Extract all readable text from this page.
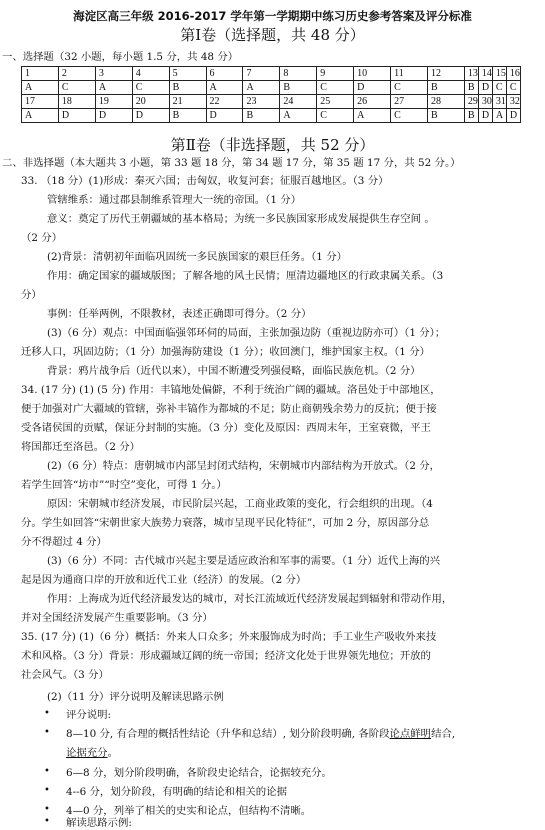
海淀区高三年级 2016-2017 学年第一学期期中练习历史参考答案及评分标准
第Ⅰ卷（选择题，共 48 分）
一、选择题（32 小题，每小题 1.5 分，共 48 分）
1	2	3	4	5	6	7	8	9	10	11	12	13	14	15	16
A	C	A	C	B	A	A	B	C	D	C	B	B	D	C	C
17	18	19	20	21	22	23	24	25	26	27	28	29	30	31	32
A	D	D	D	B	D	B	A	C	A	C	B	B	D	A	D
第Ⅱ卷（非选择题，共 52 分）
二、非选择题（本大题共 3 小题，第 33 题 18 分，第 34 题 17 分，第 35 题 17 分，共 52 分。）
33. （18 分）(1)形成：秦灭六国；击匈奴，收复河套；征服百越地区。（3 分）
管辖维系：通过郡县制维系管理大一统的帝国。（1 分）
意义：奠定了历代王朝疆域的基本格局；为统一多民族国家形成发展提供生存空间 。
（2 分）
(2)背景：清朝初年面临巩固统一多民族国家的艰巨任务。（1 分）
作用：确定国家的疆域版图；了解各地的风土民情；厘清边疆地区的行政隶属关系。（3
分）
事例：任举两例，不限教材，表述正确即可得分。（2 分）
(3)（6 分）观点：中国面临强邻环伺的局面，主张加强边防（重视边防亦可）（1 分）；
迁移人口，巩固边防；（1 分）加强海防建设（1 分）；收回澳门，维护国家主权。（1 分）
背景：鸦片战争后（近代以来），中国不断遭受列强侵略，面临民族危机。（2 分）
34. (17 分) (1) (5 分) 作用：丰镐地处偏僻，不利于统治广阔的疆域。洛邑处于中部地区，
便于加强对广大疆域的管辖，弥补丰镐作为都城的不足；防止商朝残余势力的反抗；便于接
受各诸侯国的贡赋，保证分封制的实施。（3 分）变化及原因：西周末年，王室衰微，平王
将国都迁至洛邑。（2 分）
(2)（6 分）特点：唐朝城市内部呈封闭式结构，宋朝城市内部结构为开放式。（2 分，
若学生回答“坊市”“时空”变化，可得 1 分。）
原因：宋朝城市经济发展，市民阶层兴起，工商业政策的变化，行会组织的出现。（4
分。学生如回答“宋朝世家大族势力衰落，城市呈现平民化特征”，可加 2 分，原因部分总
分不得超过 4 分）
(3)（6 分）不同：古代城市兴起主要是适应政治和军事的需要。（1 分）近代上海的兴
起是因为通商口岸的开放和近代工业（经济）的发展。（2 分）
作用：上海成为近代经济最发达的城市，对长江流域近代经济发展起到辐射和带动作用，
并对全国经济发展产生重要影响。（3 分）
35. (17 分) (1)（6 分）概括：外来人口众多；外来服饰成为时尚；手工业生产吸收外来技
术和风格。（3 分）背景：形成疆域辽阔的统一帝国；经济文化处于世界领先地位；开放的
社会风气。（3 分）
(2)（11 分）评分说明及解读思路示例
• 评分说明:
• 8—10 分, 有合理的概括性结论（升华和总结）, 划分阶段明确, 各阶段论点鲜明结合,
论据充分。
• 6—8 分，划分阶段明确，各阶段史论结合，论据较充分。
• 4--6 分，划分阶段，有明确的结论和相关的论据
• 4—0 分，列举了相关的史实和论点，但结构不清晰。
• 解读思路示例:
